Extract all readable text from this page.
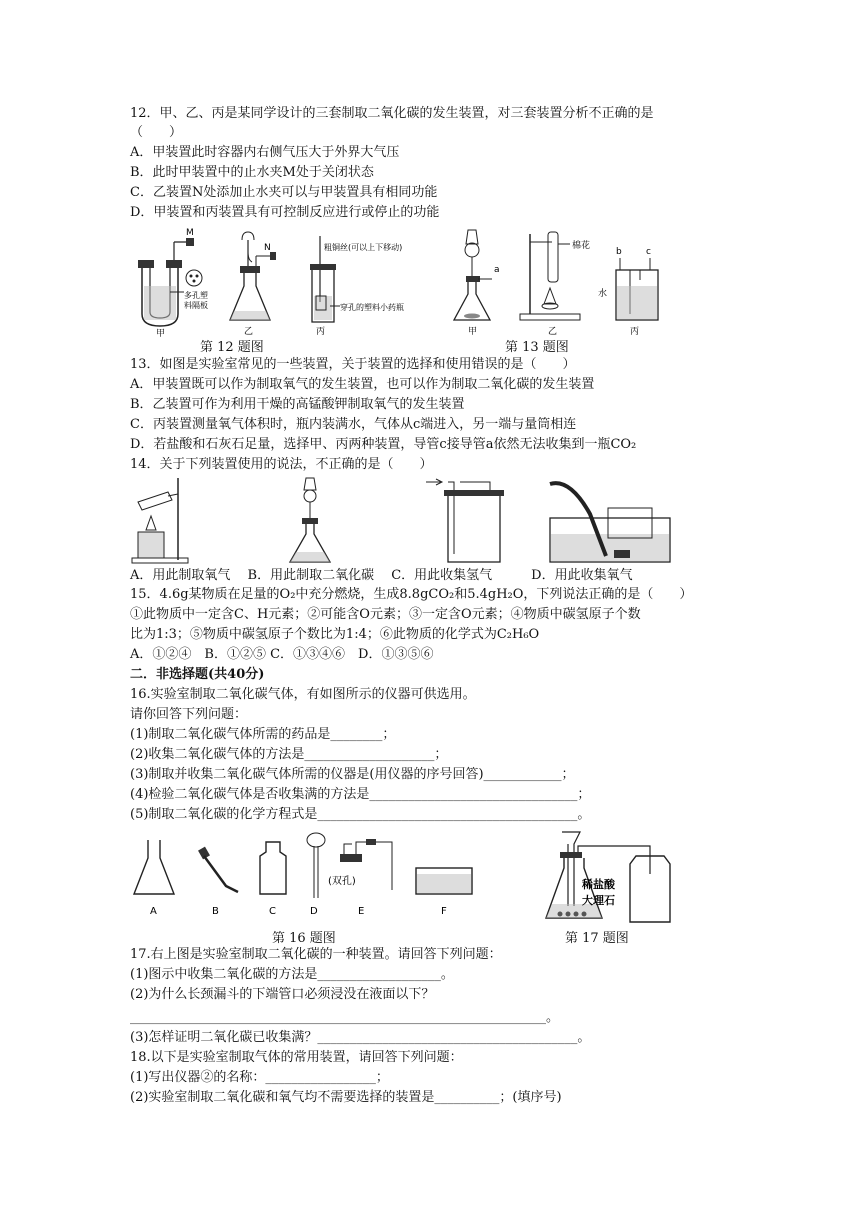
12．甲、乙、丙是某同学设计的三套制取二氧化碳的发生装置，对三套装置分析不正确的是
（　　）
A．甲装置此时容器内右侧气压大于外界大气压
B．此时甲装置中的止水夹M处于关闭状态
C．乙装置N处添加止水夹可以与甲装置具有相同功能
D．甲装置和丙装置具有可控制反应进行或停止的功能
M
多孔塑
料隔板
甲
N
乙
粗铜丝(可以上下移动)
穿孔的塑料小药瓶
丙
a
甲
棉花
乙
b	c
水
丙
第 12 题图	第 13 题图
13．如图是实验室常见的一些装置，关于装置的选择和使用错误的是（　　）
A．甲装置既可以作为制取氧气的发生装置，也可以作为制取二氧化碳的发生装置
B．乙装置可作为利用干燥的高锰酸钾制取氧气的发生装置
C．丙装置测量氧气体积时，瓶内装满水，气体从c端进入，另一端与量筒相连
D．若盐酸和石灰石足量，选择甲、丙两种装置，导管c接导管a依然无法收集到一瓶CO₂
14．关于下列装置使用的说法，不正确的是（　　）
A．用此制取氧气　 B．用此制取二氧化碳　 C．用此收集氢气　　　D．用此收集氧气
15．4.6g某物质在足量的O₂中充分燃烧，生成8.8gCO₂和5.4gH₂O，下列说法正确的是（　　）
①此物质中一定含C、H元素；②可能含O元素；③一定含O元素；④物质中碳氢原子个数
比为1:3；⑤物质中碳氢原子个数比为1:4；⑥此物质的化学式为C₂H₆O
A．①②④　B．①②⑤ C．①③④⑥　D．①③⑤⑥
二．非选择题(共40分)
16.实验室制取二氧化碳气体，有如图所示的仪器可供选用。
请你回答下列问题：
(1)制取二氧化碳气体所需的药品是________；
(2)收集二氧化碳气体的方法是____________________；
(3)制取并收集二氧化碳气体所需的仪器是(用仪器的序号回答)____________；
(4)检验二氧化碳气体是否收集满的方法是________________________________；
(5)制取二氧化碳的化学方程式是________________________________________。
A	B	C	D
(双孔)
E	F
稀盐酸
大理石
第 16 题图	第 17 题图
17.右上图是实验室制取二氧化碳的一种装置。请回答下列问题：
(1)图示中收集二氧化碳的方法是___________________。
(2)为什么长颈漏斗的下端管口必须浸没在液面以下？
________________________________________________________________。
(3)怎样证明二氧化碳已收集满？________________________________________。
18.以下是实验室制取气体的常用装置，请回答下列问题：
(1)写出仪器②的名称：_________________；
(2)实验室制取二氧化碳和氧气均不需要选择的装置是__________；(填序号)
